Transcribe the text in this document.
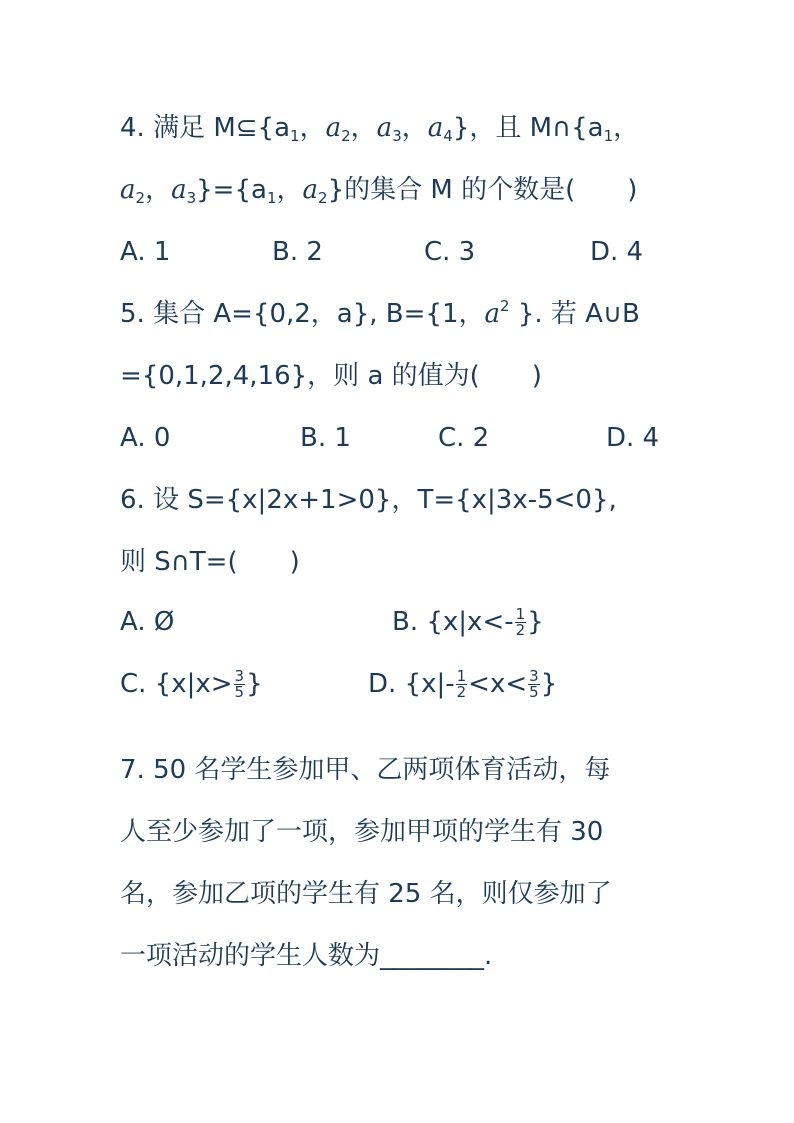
4. 满足 $M⊆\{a_1$，$a_2$，$a_3$，$a_4$}，且 $M\cap\{a_1$，
$a_2$，$a_3\}=\{a_1$，$a_2$}的集合 M 的个数是(　　)
A. 1	B. 2	C. 3	D. 4
5. 集合 A={0,2，a}, B={1，$a^2$ }. 若 A∪B
={0,1,2,4,16}，则 a 的值为(　　)
A. 0	B. 1	C. 2	D. 4
6. 设 S={x|2x+1>0}，T={x|3x-5<0},
则 S∩T=(　　)
A. Ø	B. {$x|x<- \frac{1}{2}$ }
C. {$x|x> \frac{3}{5}$ }	D. {$x|- \frac{1}{2} <x< \frac{3}{5}$ }
7. 50 名学生参加甲、乙两项体育活动，每
人至少参加了一项，参加甲项的学生有 30
名，参加乙项的学生有 25 名，则仅参加了
一项活动的学生人数为________.
